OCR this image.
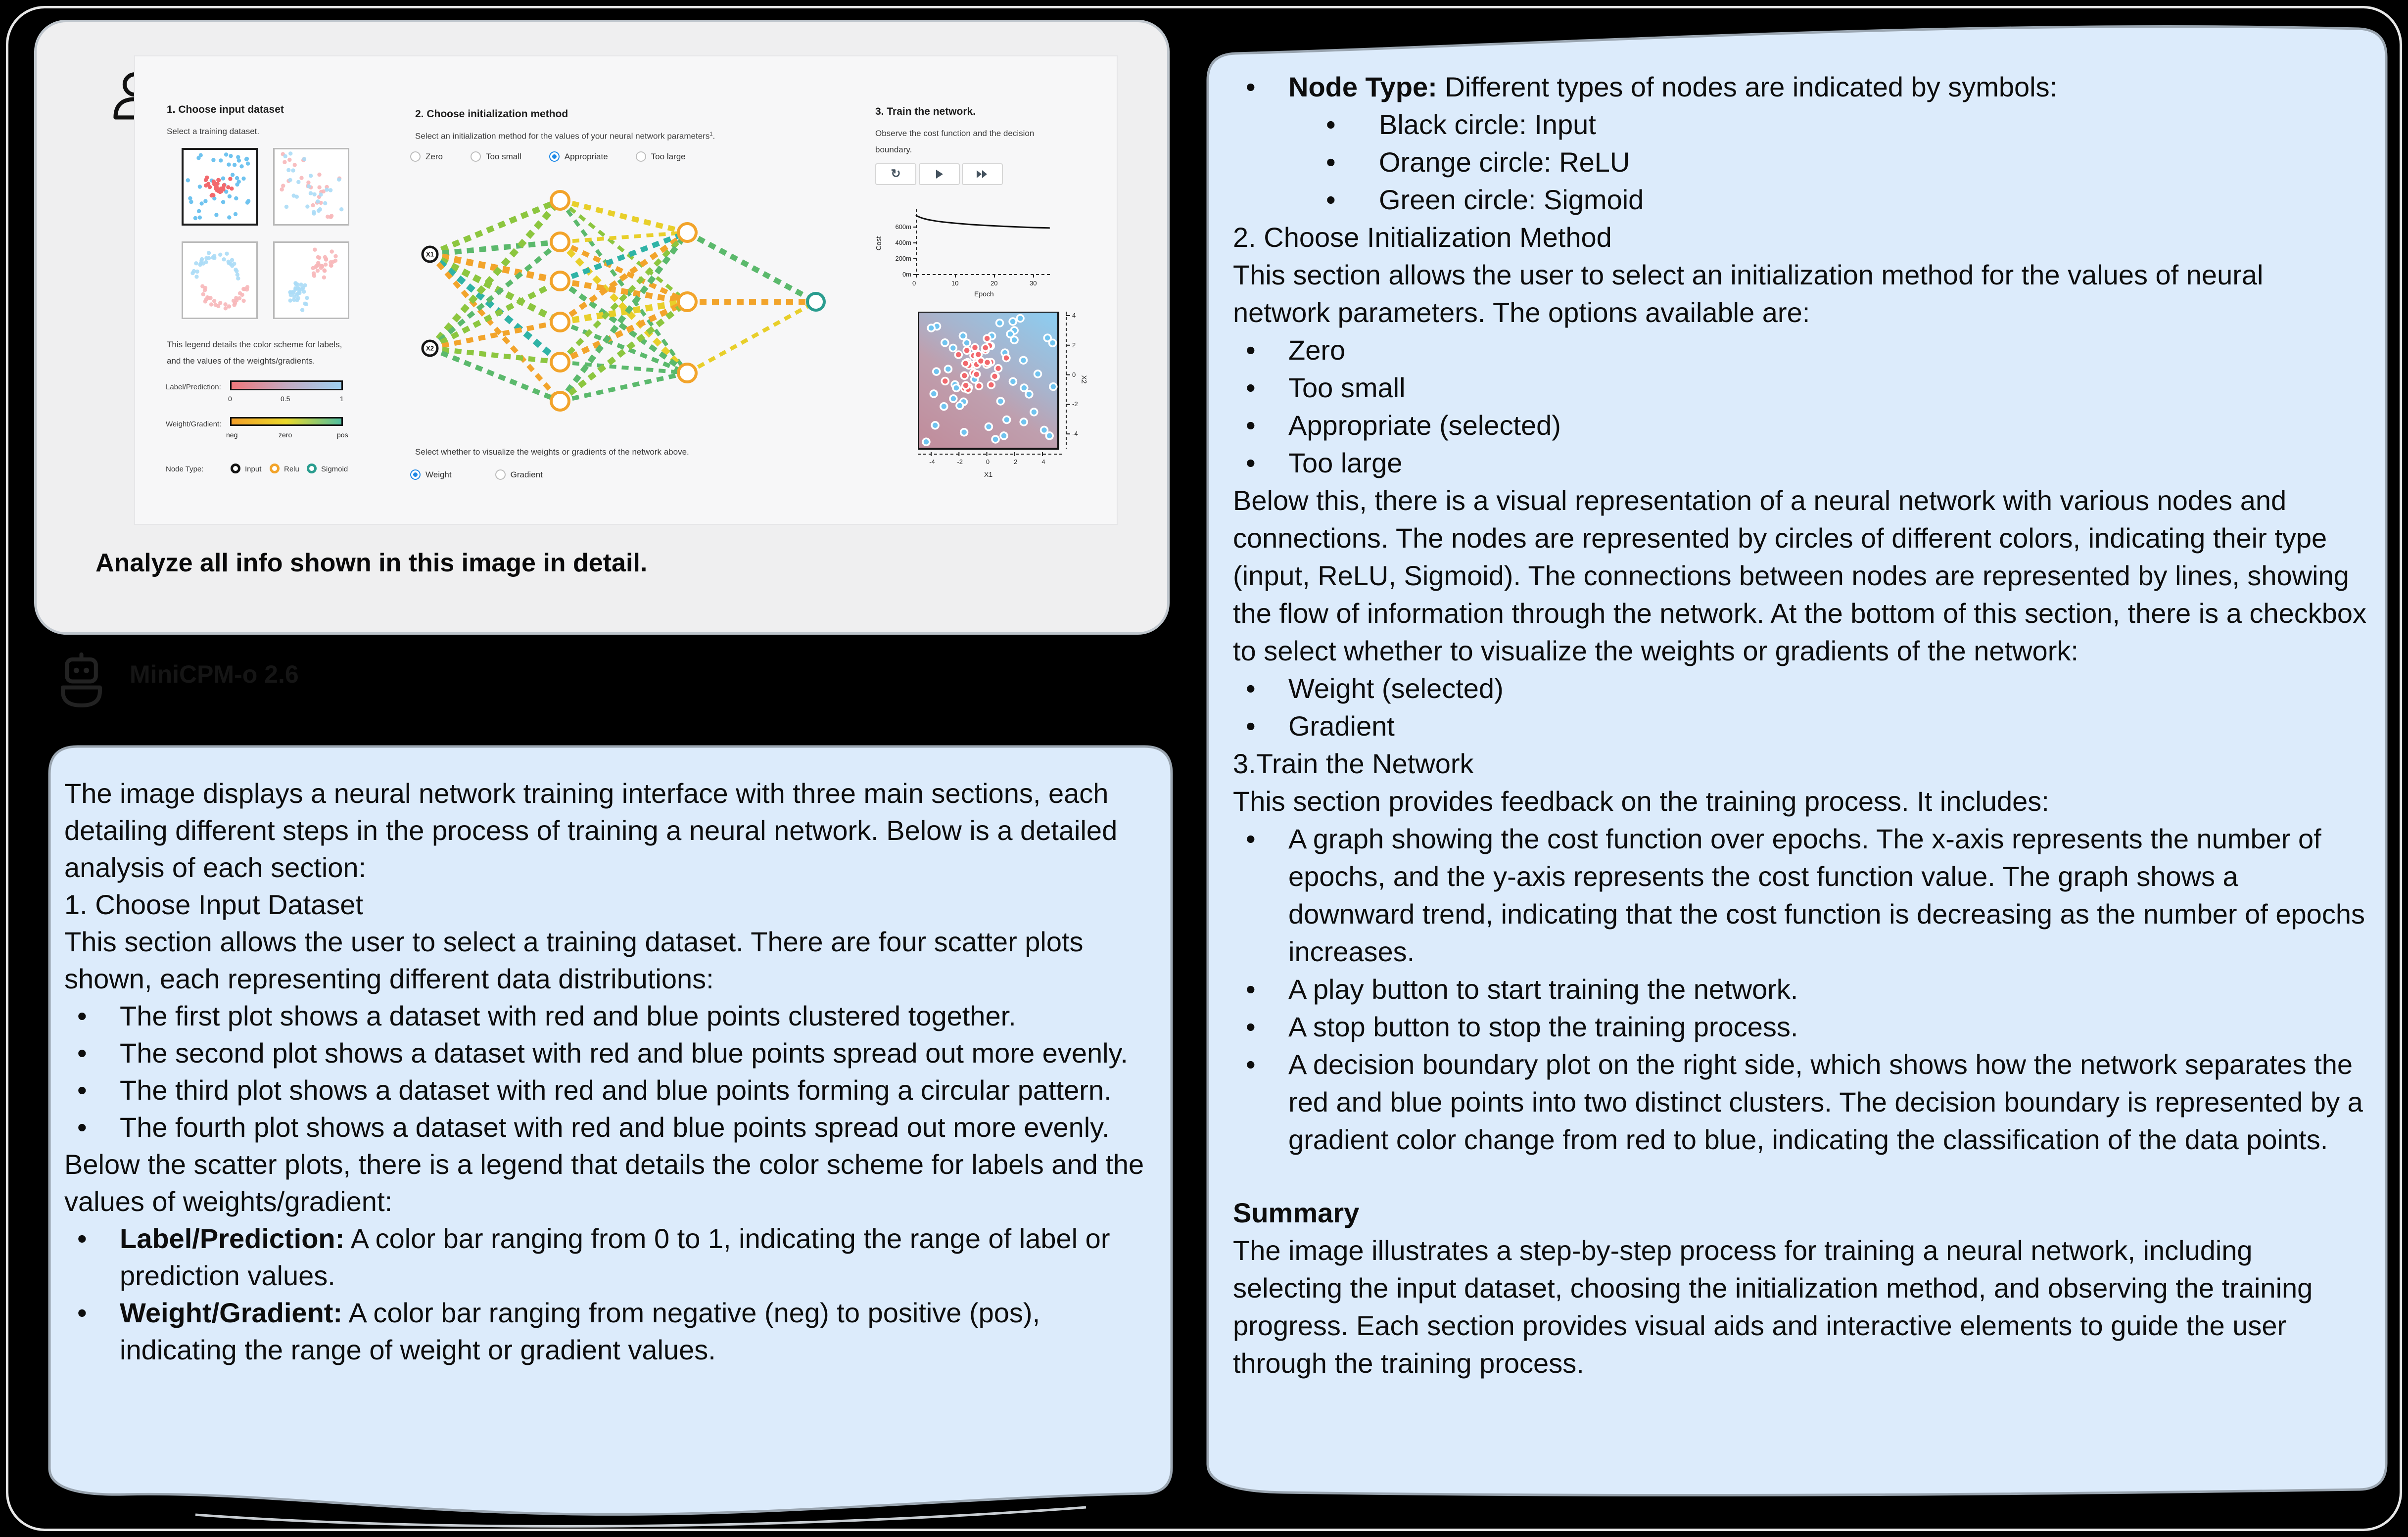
1. Choose input dataset
Select a training dataset.
This legend details the color scheme for labels,
and the values of the weights/gradients.
Label/Prediction:
0	0.5	1
Weight/Gradient:
neg	zero	pos
Node Type:	Input	Relu	Sigmoid
2. Choose initialization method
Select an initialization method for the values of your neural network parameters$^1$.
Zero	Too small	Appropriate	Too large
X1
X2
Select whether to visualize the weights or gradients of the network above.
Weight	Gradient
3. Train the network.
Observe the cost function and the decision
boundary.
↻
0m
200m
400m
600m
0	10	20	30
Cost
Epoch
-4	-2	0	2	4
4
2
0
-2
-4
X1
X2
Analyze all info shown in this image in detail.
MiniCPM-o 2.6
The image displays a neural network training interface with three main sections, each detailing different steps in the process of training a neural network. Below is a detailed analysis of each section:
1. Choose Input Dataset
This section allows the user to select a training dataset. There are four scatter plots shown, each representing different data distributions:
• The first plot shows a dataset with red and blue points clustered together.
• The second plot shows a dataset with red and blue points spread out more evenly.
• The third plot shows a dataset with red and blue points forming a circular pattern.
• The fourth plot shows a dataset with red and blue points spread out more evenly.
Below the scatter plots, there is a legend that details the color scheme for labels and the values of weights/gradient:
• Label/Prediction: A color bar ranging from 0 to 1, indicating the range of label or prediction values.
• Weight/Gradient: A color bar ranging from negative (neg) to positive (pos), indicating the range of weight or gradient values.
• Node Type: Different types of nodes are indicated by symbols:
• Black circle: Input
• Orange circle: ReLU
• Green circle: Sigmoid
2. Choose Initialization Method
This section allows the user to select an initialization method for the values of neural network parameters. The options available are:
• Zero
• Too small
• Appropriate (selected)
• Too large
Below this, there is a visual representation of a neural network with various nodes and connections. The nodes are represented by circles of different colors, indicating their type (input, ReLU, Sigmoid). The connections between nodes are represented by lines, showing the flow of information through the network. At the bottom of this section, there is a checkbox to select whether to visualize the weights or gradients of the network:
• Weight (selected)
• Gradient
3.Train the Network
This section provides feedback on the training process. It includes:
• A graph showing the cost function over epochs. The x-axis represents the number of epochs, and the y-axis represents the cost function value. The graph shows a downward trend, indicating that the cost function is decreasing as the number of epochs increases.
• A play button to start training the network.
• A stop button to stop the training process.
• A decision boundary plot on the right side, which shows how the network separates the red and blue points into two distinct clusters. The decision boundary is represented by a gradient color change from red to blue, indicating the classification of the data points.
Summary
The image illustrates a step-by-step process for training a neural network, including selecting the input dataset, choosing the initialization method, and observing the training progress. Each section provides visual aids and interactive elements to guide the user through the training process.
